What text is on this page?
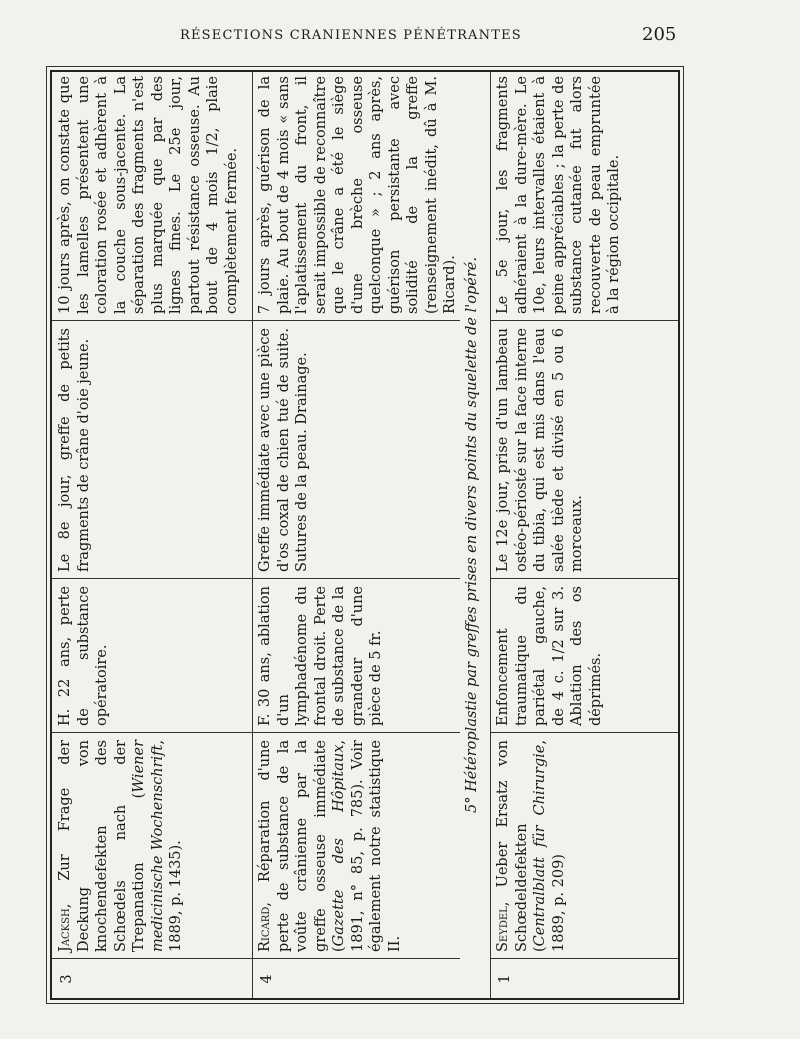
RÉSECTIONS CRANIENNES PÉNÉTRANTES	205
3
Jacksh, Zur Frage der Deckung von knochendefekten des Schœdels nach der Trepanation (Wiener medicinische Wochenschrift, 1889, p. 1435).
H. 22 ans, perte de substance opératoire.
Le 8e jour, greffe de petits fragments de crâne d'oie jeune.
10 jours après, on constate que les lamelles présentent une coloration rosée et adhèrent à la couche sous-jacente. La séparation des fragments n'est plus marquée que par des lignes fines. Le 25e jour, partout résistance osseuse. Au bout de 4 mois 1/2, plaie complètement fermée.
4
Ricard, Réparation d'une perte de substance de la voûte crânienne par la greffe osseuse immédiate (Gazette des Hôpitaux, 1891, n° 85, p. 785). Voir également notre statistique II.
F. 30 ans, ablation d'un lymphadénome du frontal droit. Perte de substance de la grandeur d'une pièce de 5 fr.
Greffe immédiate avec une pièce d'os coxal de chien tué de suite. Sutures de la peau. Drainage.
7 jours après, guérison de la plaie. Au bout de 4 mois « sans l'aplatissement du front, il serait impossible de reconnaître que le crâne a été le siège d'une brèche osseuse quelconque » ; 2 ans après, guérison persistante avec solidité de la greffe (renseignement inédit, dû à M. Ricard). 5° Hétéroplastie par greffes prises en divers points du squelette de l'opéré.
1
Seydel, Ueber Ersatz von Schœdeldefekten (Centralblatt für Chirurgie, 1889, p. 209)
Enfoncement traumatique du pariétal gauche, de 4 c. 1/2 sur 3. Ablation des os déprimés.
Le 12e jour, prise d'un lambeau ostéo-périosté sur la face interne du tibia, qui est mis dans l'eau salée tiède et divisé en 5 ou 6 morceaux.
Le 5e jour, les fragments adhéraient à la dure-mère. Le 10e, leurs intervalles étaient à peine appréciables ; la perte de substance cutanée fut alors recouverte de peau empruntée à la région occipitale.
